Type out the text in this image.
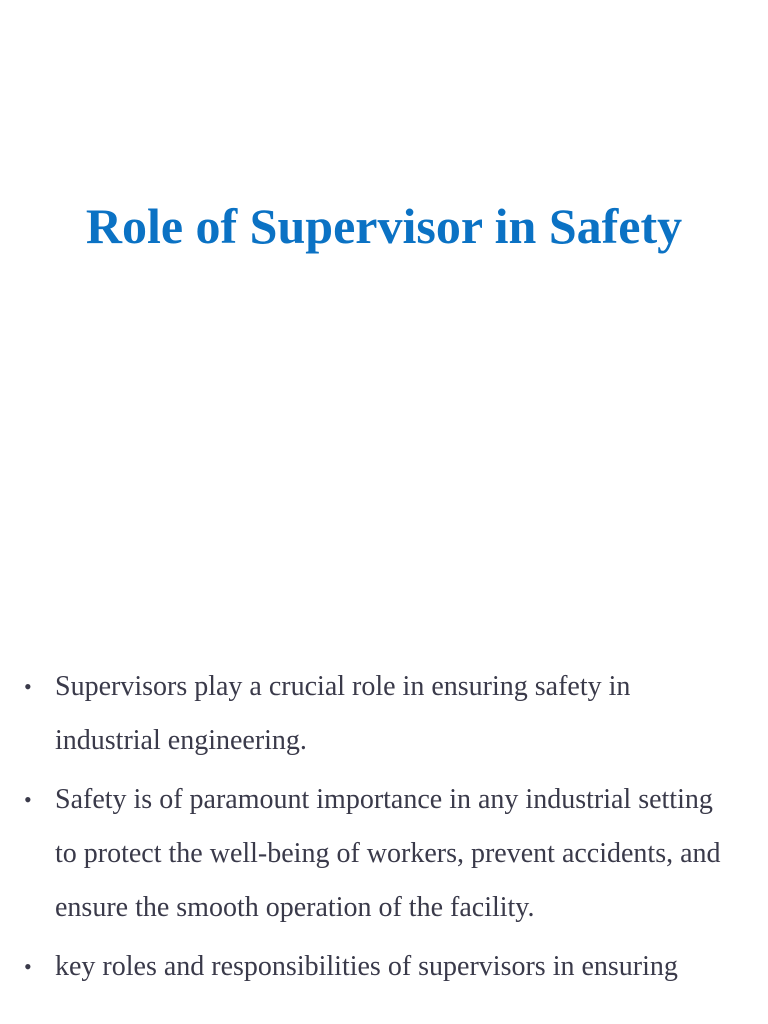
Role of Supervisor in Safety
• Supervisors play a crucial role in ensuring safety in industrial engineering.
• Safety is of paramount importance in any industrial setting to protect the well-being of workers, prevent accidents, and ensure the smooth operation of the facility.
• key roles and responsibilities of supervisors in ensuring
